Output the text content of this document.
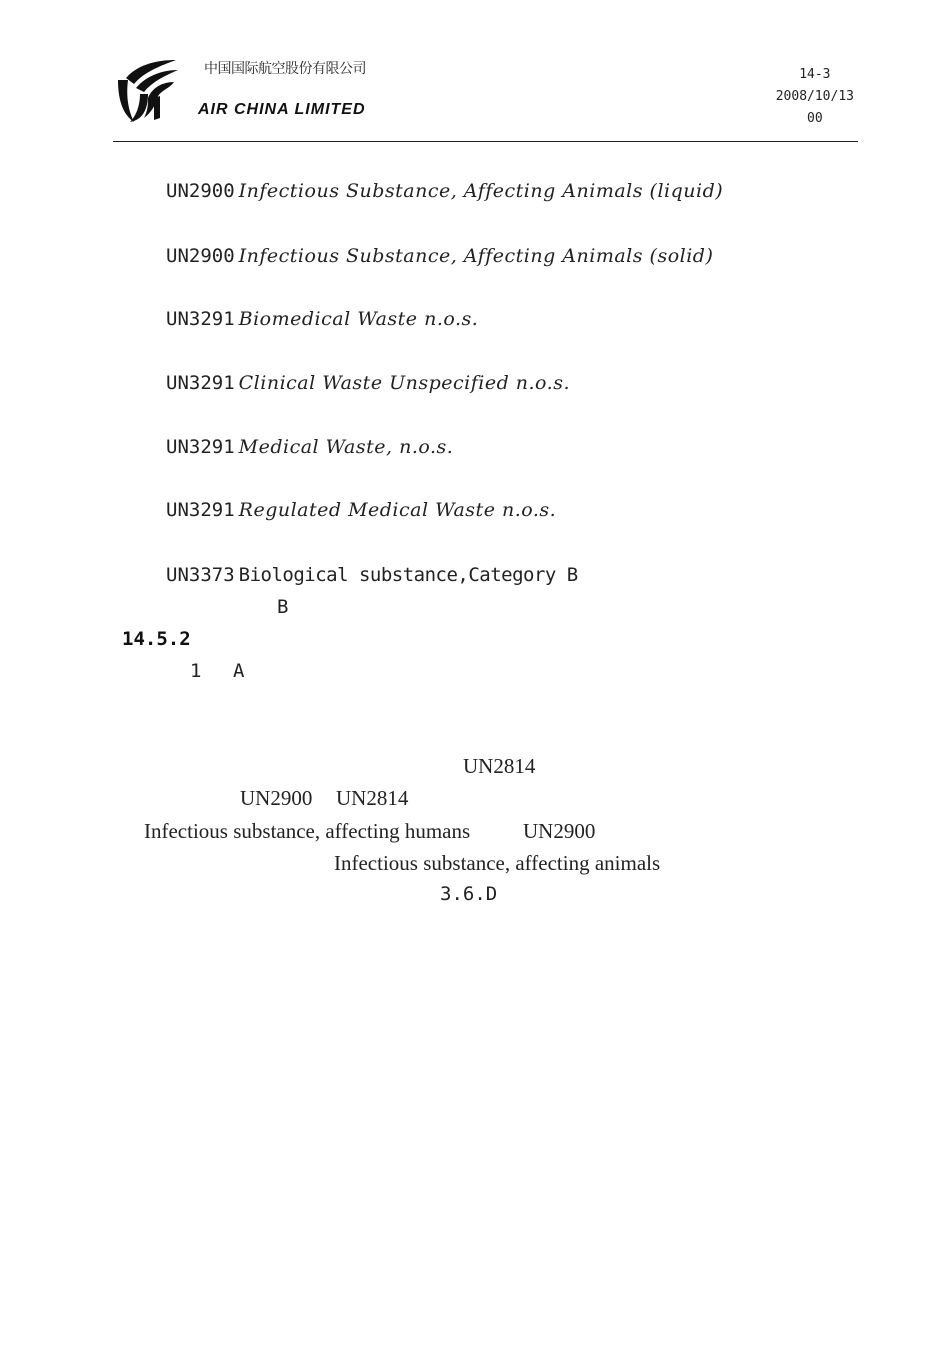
中国国际航空股份有限公司
AIR CHINA LIMITED
14-3
2008/10/13
00
UN2900 Infectious Substance, Affecting Animals (liquid)
UN2900 Infectious Substance, Affecting Animals (solid)
UN3291 Biomedical Waste n.o.s.
UN3291 Clinical Waste Unspecified n.o.s.
UN3291 Medical Waste, n.o.s.
UN3291 Regulated Medical Waste n.o.s.
UN3373 Biological substance,Category B
B
14.5.2
1 A
UN2814
UN2900 UN2814
Infectious substance, affecting humans	UN2900
Infectious substance, affecting animals
3.6.D
